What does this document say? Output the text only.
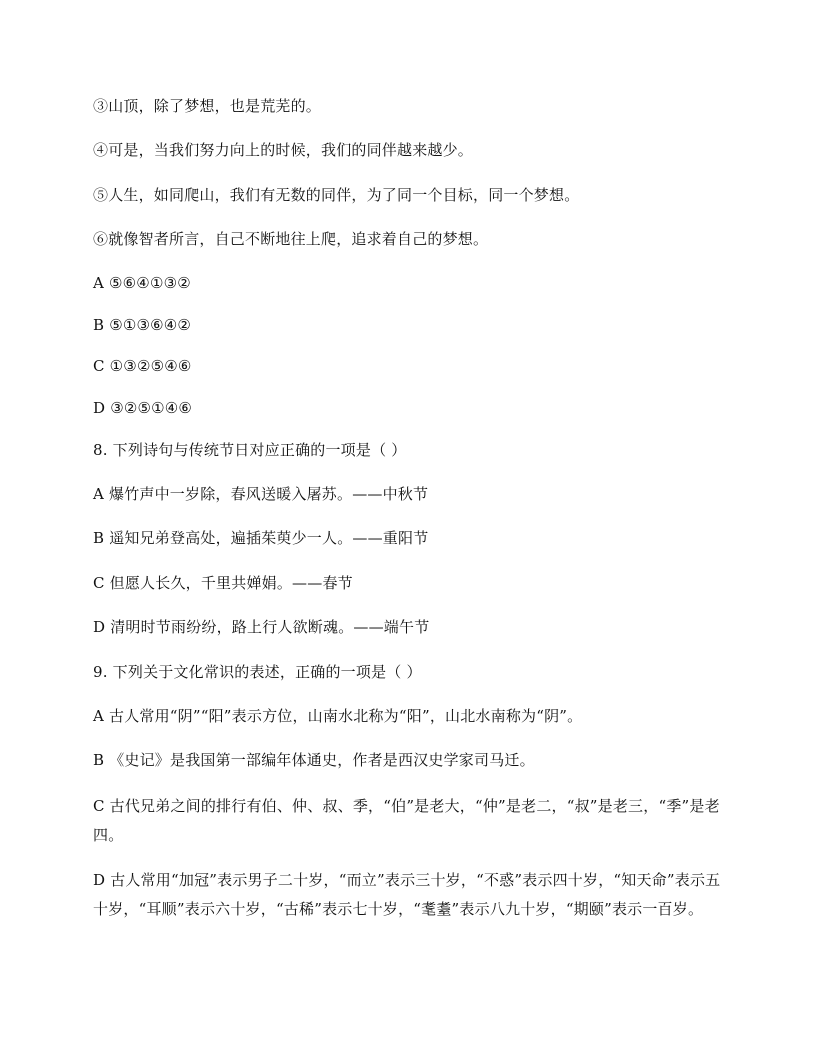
③山顶，除了梦想，也是荒芜的。
④可是，当我们努力向上的时候，我们的同伴越来越少。
⑤人生，如同爬山，我们有无数的同伴，为了同一个目标，同一个梦想。
⑥就像智者所言，自己不断地往上爬，追求着自己的梦想。
A ⑤⑥④①③②
B ⑤①③⑥④②
C ①③②⑤④⑥
D ③②⑤①④⑥
8. 下列诗句与传统节日对应正确的一项是（ ）
A 爆竹声中一岁除，春风送暖入屠苏。——中秋节
B 遥知兄弟登高处，遍插茱萸少一人。——重阳节
C 但愿人长久，千里共婵娟。——春节
D 清明时节雨纷纷，路上行人欲断魂。——端午节
9. 下列关于文化常识的表述，正确的一项是（ ）
A 古人常用“阴”“阳”表示方位，山南水北称为“阳”，山北水南称为“阴”。
B 《史记》是我国第一部编年体通史，作者是西汉史学家司马迁。
C 古代兄弟之间的排行有伯、仲、叔、季，“伯”是老大，“仲”是老二，“叔”是老三，“季”是老四。
D 古人常用“加冠”表示男子二十岁，“而立”表示三十岁，“不惑”表示四十岁，“知天命”表示五十岁，“耳顺”表示六十岁，“古稀”表示七十岁，“耄耋”表示八九十岁，“期颐”表示一百岁。
